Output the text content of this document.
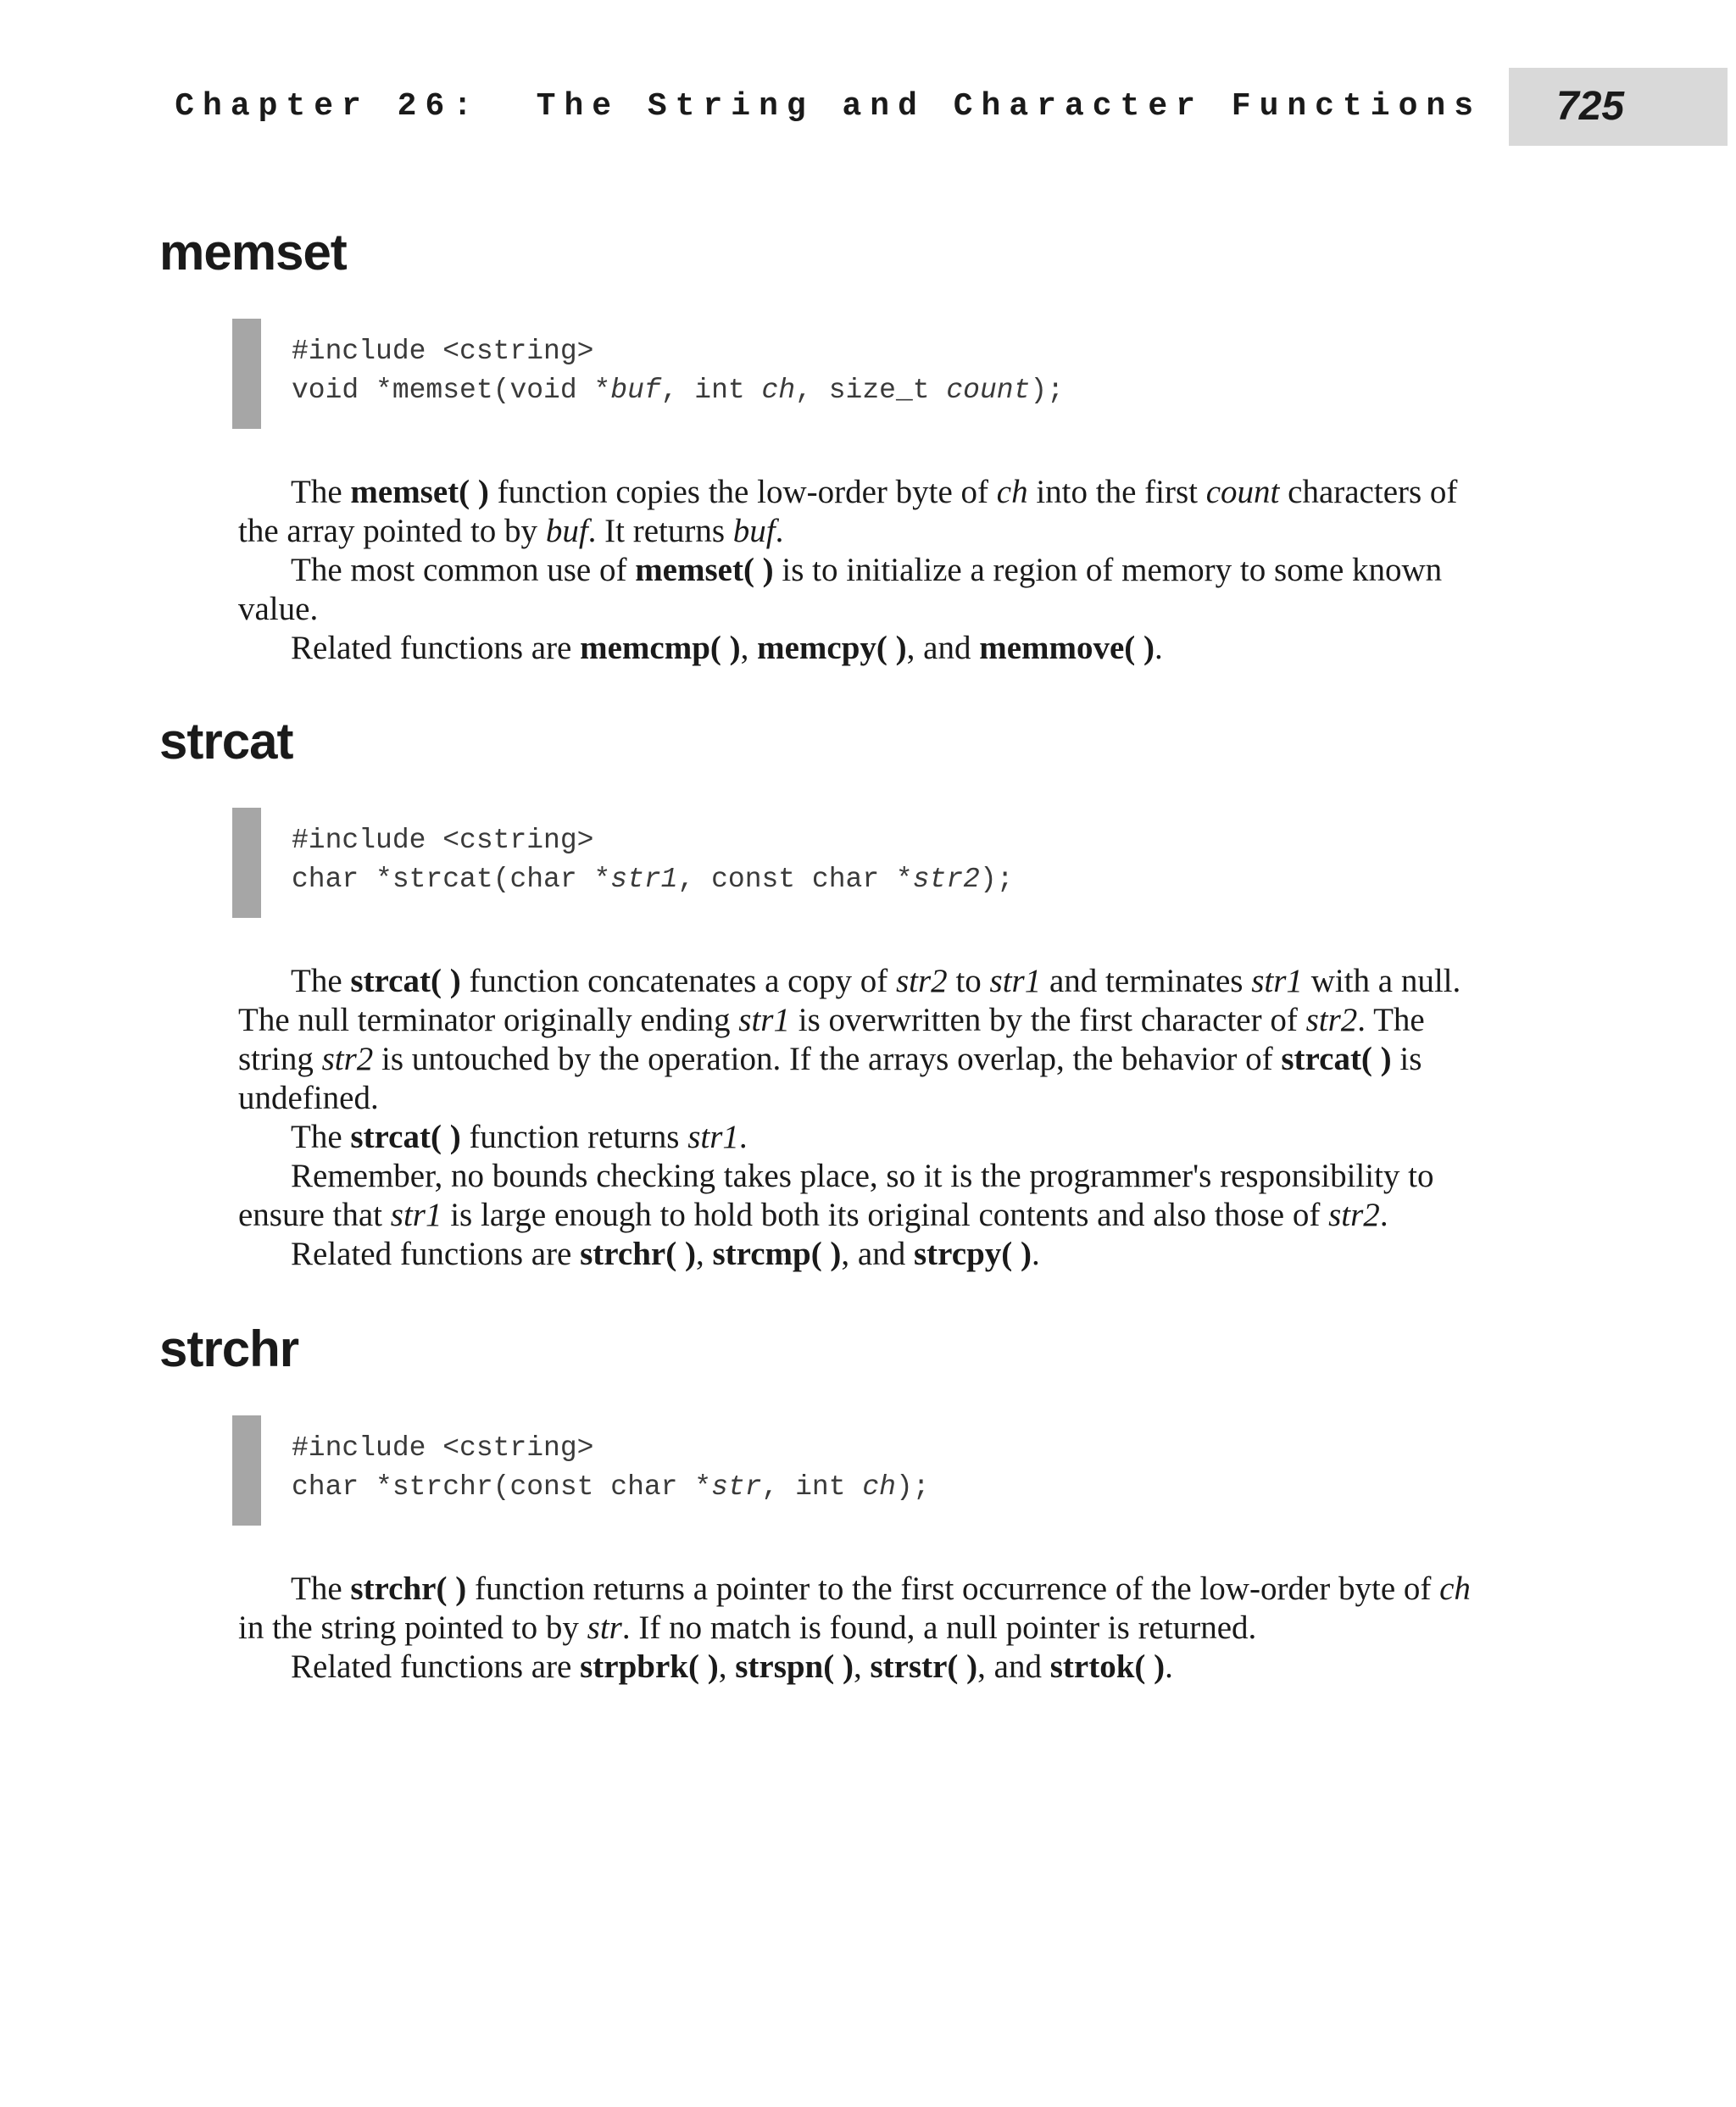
Chapter 26:  The String and Character Functions 725
memset
#include <cstring>
void *memset(void *buf, int ch, size_t count);

The memset( ) function copies the low-order byte of ch into the first count characters of the array pointed to by buf. It returns buf.

The most common use of memset( ) is to initialize a region of memory to some known value.

Related functions are memcmp( ), memcpy( ), and memmove( ).

strcat
#include <cstring>
char *strcat(char *str1, const char *str2);

The strcat( ) function concatenates a copy of str2 to str1 and terminates str1 with a null. The null terminator originally ending str1 is overwritten by the first character of str2. The string str2 is untouched by the operation. If the arrays overlap, the behavior of strcat( ) is undefined.

The strcat( ) function returns str1.

Remember, no bounds checking takes place, so it is the programmer's responsibility to ensure that str1 is large enough to hold both its original contents and also those of str2.

Related functions are strchr( ), strcmp( ), and strcpy( ).

strchr
#include <cstring>
char *strchr(const char *str, int ch);

The strchr( ) function returns a pointer to the first occurrence of the low-order byte of ch in the string pointed to by str. If no match is found, a null pointer is returned.

Related functions are strpbrk( ), strspn( ), strstr( ), and strtok( ).
